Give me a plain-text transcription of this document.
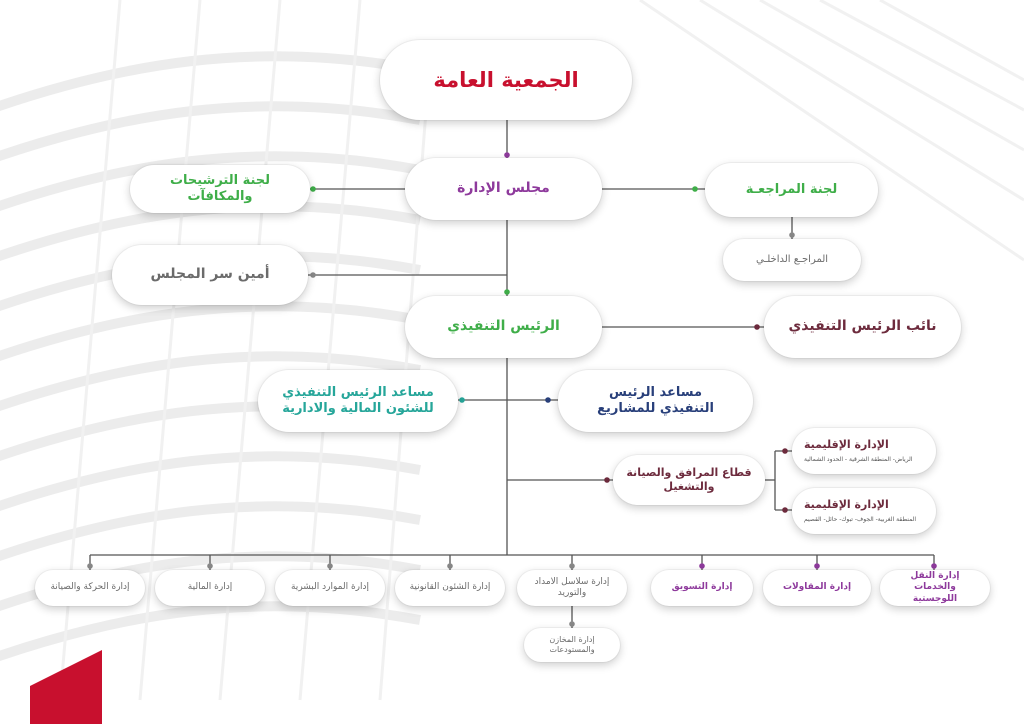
الجمعية العامة
مجلس الإدارة
لجنة الترشيحات والمكافآت	لجنة المراجعـة
المراجـع الداخلـي
أمين سر المجلس
الرئيس التنفيذي	نائب الرئيس التنفيذي
مساعد الرئيس التنفيذي
للشئون المالية والادارية
مساعد الرئيس
التنفيذي للمشاريع
قطاع المرافق والصيانة
والتشغيل
الإدارة الإقليمية
الرياض- المنطقة الشرقية - الحدود الشمالية
الإدارة الإقليمية
المنطقة الغربية- الجوف- تبوك- حائل- القصيم
إدارة النقل والخدمات
اللوجستية
إدارة المقاولات
إدارة التسويق
إدارة سلاسل الامداد
والتوريد
إدارة الشئون القانونية
إدارة الموارد البشرية
إدارة المالية
إدارة الحركة والصيانة
إدارة المخازن
والمستودعات
